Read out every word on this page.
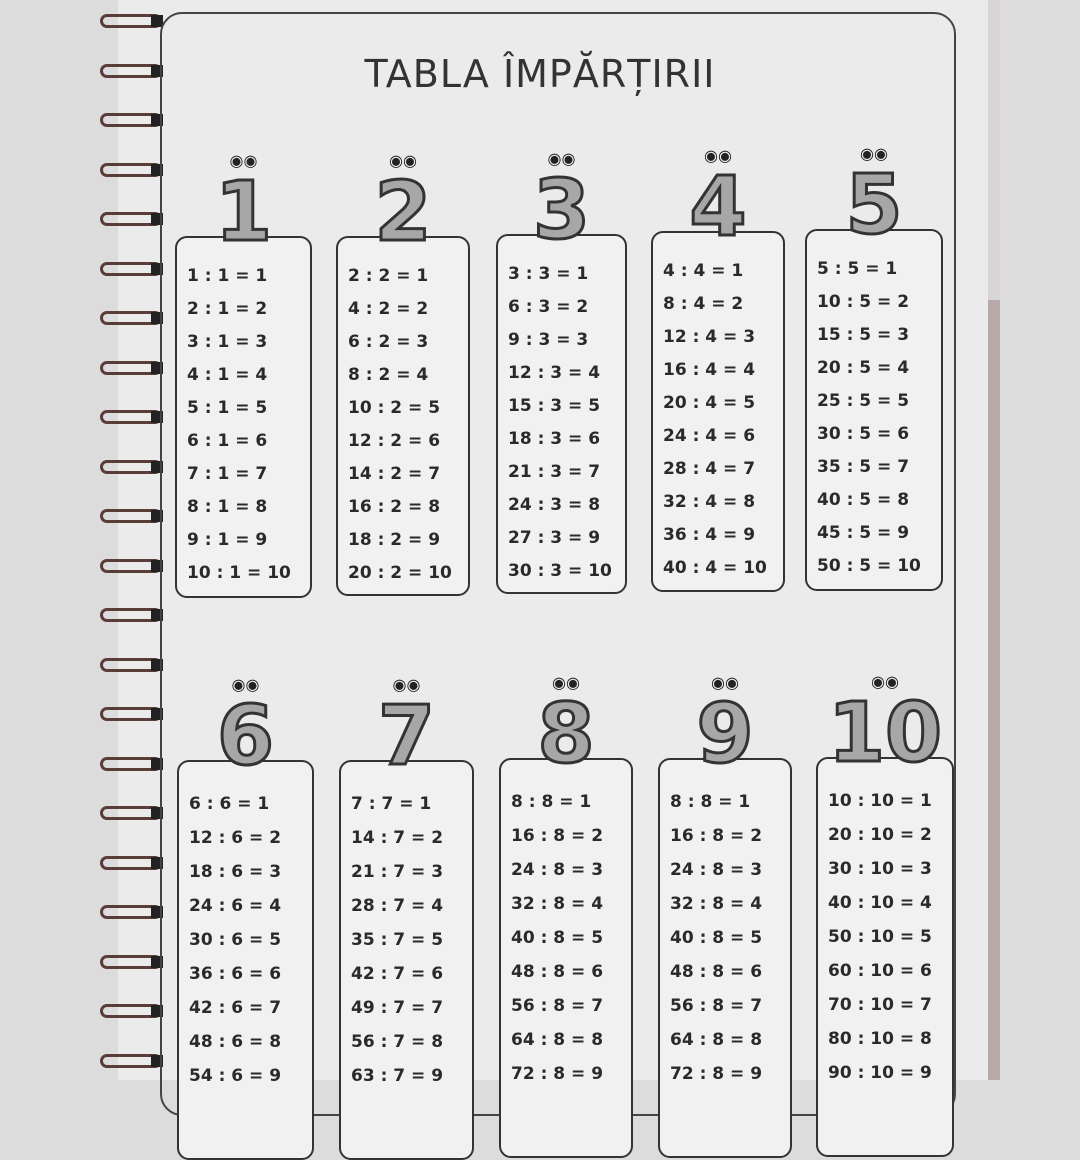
TABLA ÎMPĂRȚIRII
1 : 1 = 1
2 : 1 = 2
3 : 1 = 3
4 : 1 = 4
5 : 1 = 5
6 : 1 = 6
7 : 1 = 7
8 : 1 = 8
9 : 1 = 9
10 : 1 = 10
1
◉◉
2 : 2 = 1
4 : 2 = 2
6 : 2 = 3
8 : 2 = 4
10 : 2 = 5
12 : 2 = 6
14 : 2 = 7
16 : 2 = 8
18 : 2 = 9
20 : 2 = 10
2
◉◉
3 : 3 = 1
6 : 3 = 2
9 : 3 = 3
12 : 3 = 4
15 : 3 = 5
18 : 3 = 6
21 : 3 = 7
24 : 3 = 8
27 : 3 = 9
30 : 3 = 10
3
◉◉
4 : 4 = 1
8 : 4 = 2
12 : 4 = 3
16 : 4 = 4
20 : 4 = 5
24 : 4 = 6
28 : 4 = 7
32 : 4 = 8
36 : 4 = 9
40 : 4 = 10
4
◉◉
5 : 5 = 1
10 : 5 = 2
15 : 5 = 3
20 : 5 = 4
25 : 5 = 5
30 : 5 = 6
35 : 5 = 7
40 : 5 = 8
45 : 5 = 9
50 : 5 = 10
5
◉◉
6 : 6 = 1
12 : 6 = 2
18 : 6 = 3
24 : 6 = 4
30 : 6 = 5
36 : 6 = 6
42 : 6 = 7
48 : 6 = 8
54 : 6 = 9
6
◉◉
7 : 7 = 1
14 : 7 = 2
21 : 7 = 3
28 : 7 = 4
35 : 7 = 5
42 : 7 = 6
49 : 7 = 7
56 : 7 = 8
63 : 7 = 9
7
◉◉
8 : 8 = 1
16 : 8 = 2
24 : 8 = 3
32 : 8 = 4
40 : 8 = 5
48 : 8 = 6
56 : 8 = 7
64 : 8 = 8
72 : 8 = 9
8
◉◉
8 : 8 = 1
16 : 8 = 2
24 : 8 = 3
32 : 8 = 4
40 : 8 = 5
48 : 8 = 6
56 : 8 = 7
64 : 8 = 8
72 : 8 = 9
9
◉◉
10 : 10 = 1
20 : 10 = 2
30 : 10 = 3
40 : 10 = 4
50 : 10 = 5
60 : 10 = 6
70 : 10 = 7
80 : 10 = 8
90 : 10 = 9
10
◉◉
